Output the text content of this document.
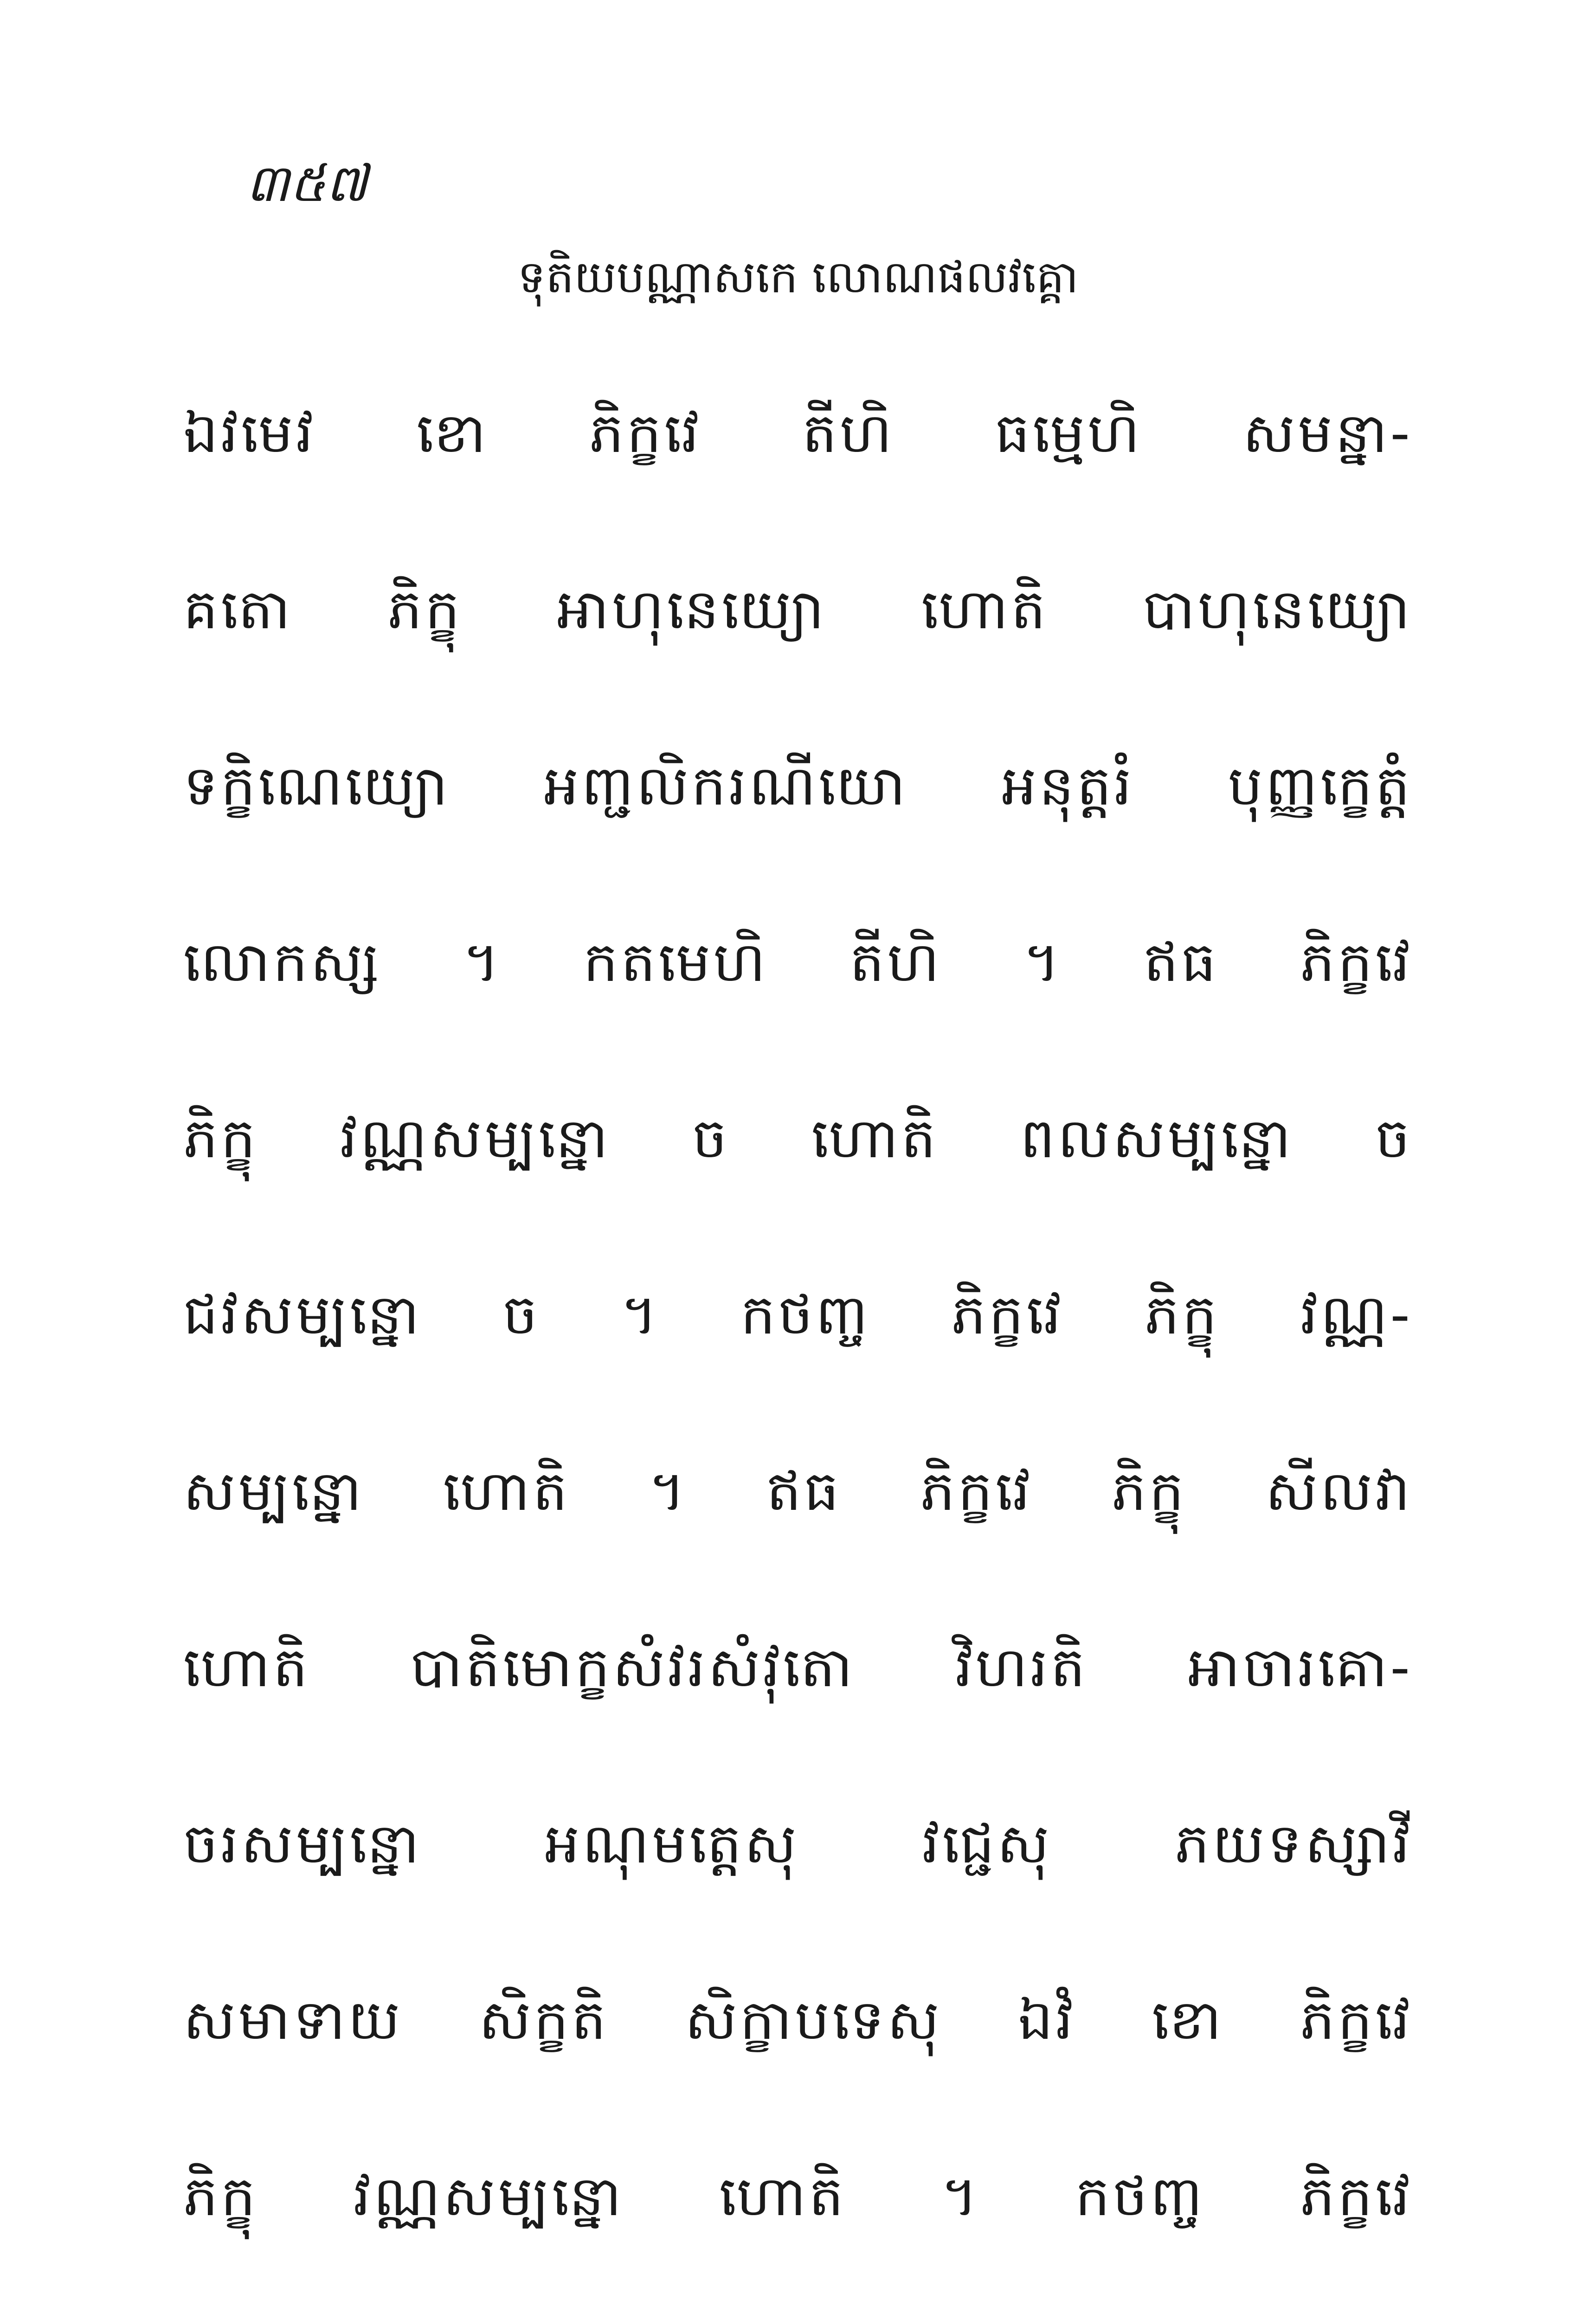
៣៥៧
ទុតិយបណ្ណាសកេ លោណផលវគ្គោ
ឯវមេវ ខោ ភិក្ខវេ តីហិ ធម្មេហិ សមន្នា-
គតោ ភិក្ខុ អាហុនេយ្យោ ហោតិ បាហុនេយ្យោ
ទក្ខិណេយ្យោ អញ្ជលិករណីយោ អនុត្តរំ បុញ្ញក្ខេត្តំ
លោកស្ស ។ កតមេហិ តីហិ ។ ឥធ ភិក្ខវេ
ភិក្ខុ វណ្ណសម្បន្នោ ច ហោតិ ពលសម្បន្នោ ច
ជវសម្បន្នោ ច ។ កថញ្ច ភិក្ខវេ ភិក្ខុ វណ្ណ-
សម្បន្នោ ហោតិ ។ ឥធ ភិក្ខវេ ភិក្ខុ សីលវា
ហោតិ បាតិមោក្ខសំវរសំវុតោ វិហរតិ អាចារគោ-
ចរសម្បន្នោ អណុមត្តេសុ វជ្ជេសុ ភយទស្សាវី
សមាទាយ សិក្ខតិ សិក្ខាបទេសុ ឯវំ ខោ ភិក្ខវេ
ភិក្ខុ វណ្ណសម្បន្នោ ហោតិ ។ កថញ្ច ភិក្ខវេ
